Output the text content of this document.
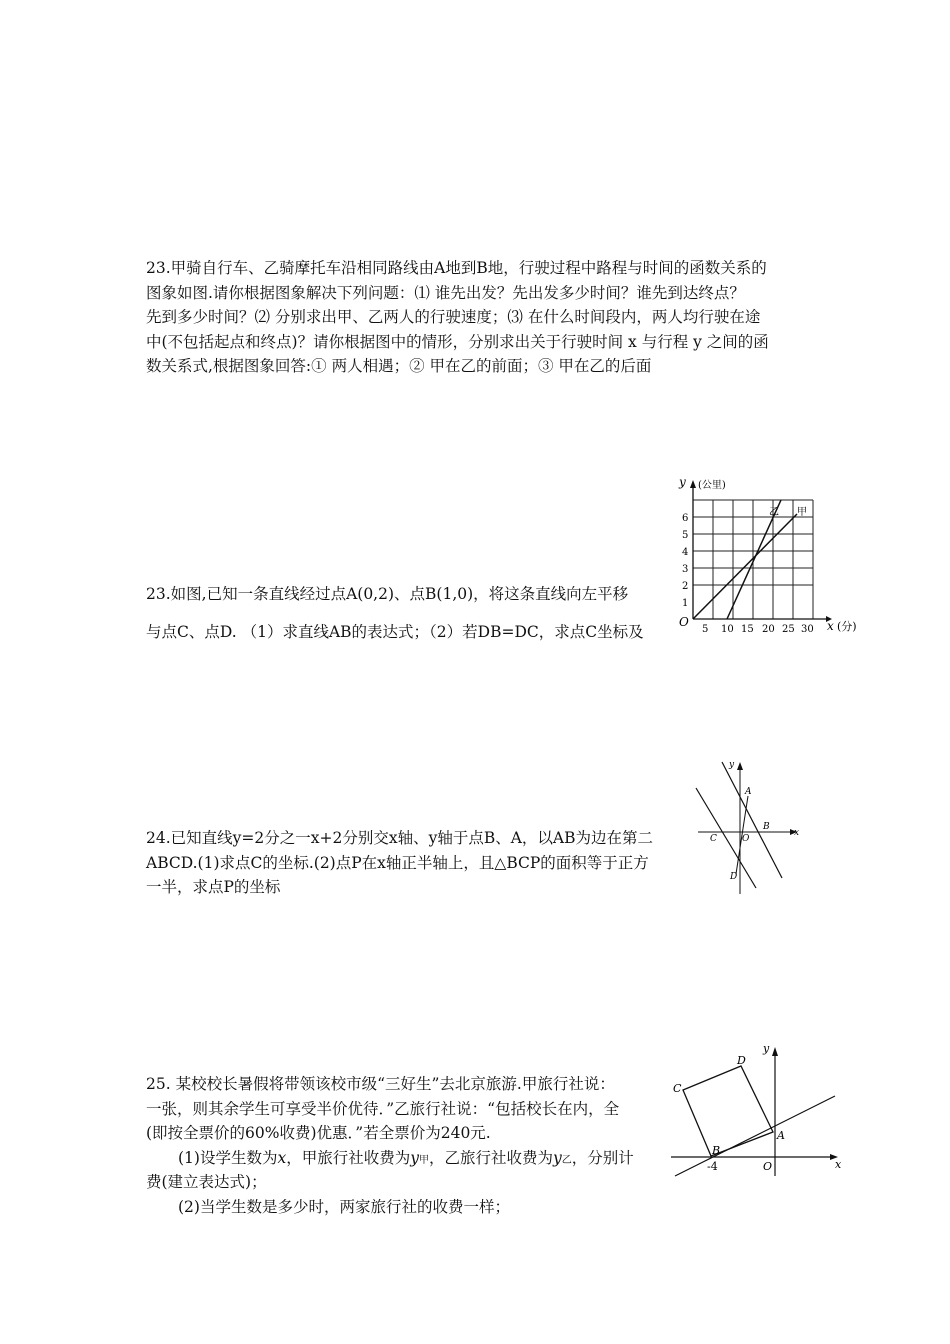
23.甲骑自行车、乙骑摩托车沿相同路线由A地到B地，行驶过程中路程与时间的函数关系的
图象如图.请你根据图象解决下列问题：⑴ 谁先出发？先出发多少时间？谁先到达终点？
先到多少时间？⑵ 分别求出甲、乙两人的行驶速度；⑶ 在什么时间段内，两人均行驶在途
中(不包括起点和终点)？请你根据图中的情形，分别求出关于行驶时间 x 与行程 y 之间的函
数关系式,根据图象回答:① 两人相遇；② 甲在乙的前面；③ 甲在乙的后面
23.如图,已知一条直线经过点A(0,2)、点B(1,0)，将这条直线向左平移
与点C、点D. （1）求直线AB的表达式；（2）若DB=DC，求点C坐标及
y (公里)
x (分)
O
乙 甲
5 10 15 20 25 30
1
2
3
4
5
6
24.已知直线y=2分之一x+2分别交x轴、y轴于点B、A，以AB为边在第二
ABCD.(1)求点C的坐标.(2)点P在x轴正半轴上，且△BCP的面积等于正方
一半，求点P的坐标
y
x
A
B
C	O
D
25. 某校校长暑假将带领该校市级“三好生”去北京旅游.甲旅行社说：
一张，则其余学生可享受半价优待．”乙旅行社说：“包括校长在内，全
(即按全票价的60%收费)优惠．”若全票价为240元.
(1)设学生数为x，甲旅行社收费为y甲，乙旅行社收费为y乙，分别计
费(建立表达式)；
(2)当学生数是多少时，两家旅行社的收费一样；
y
x
D
C
B
A
O
-4
